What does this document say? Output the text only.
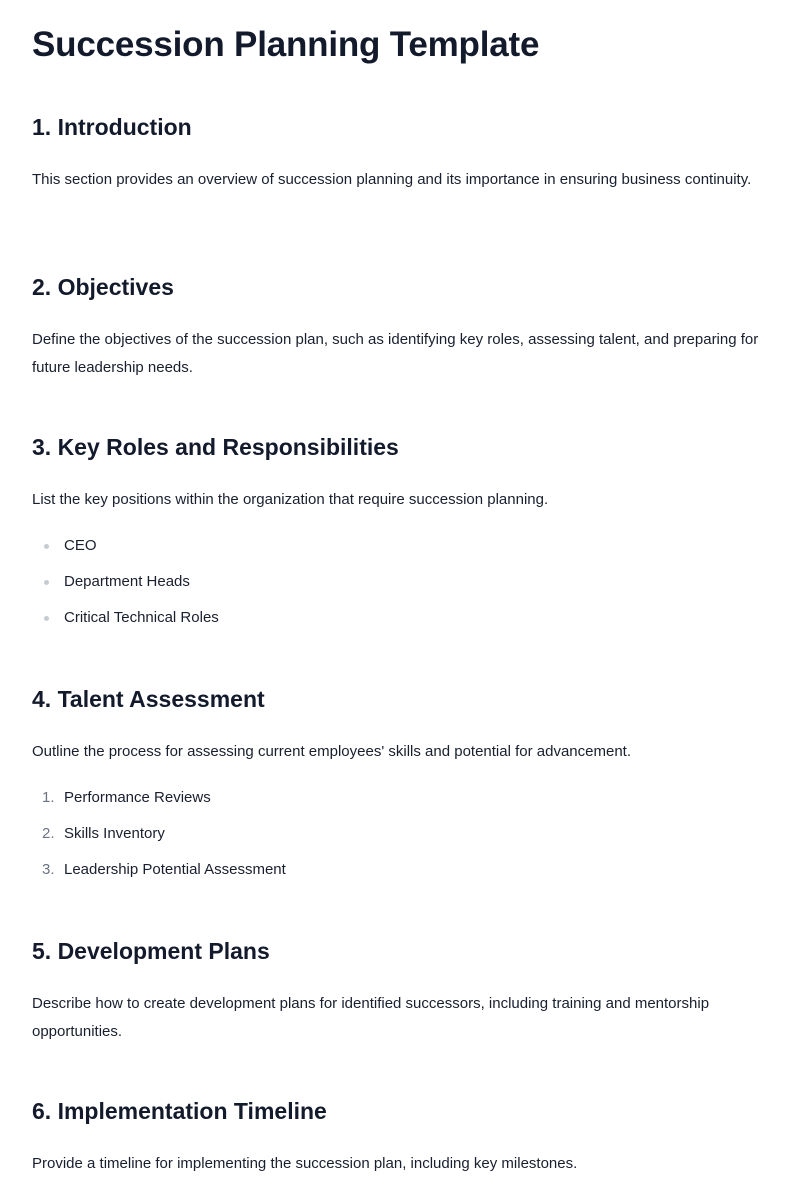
Succession Planning Template
1. Introduction

This section provides an overview of succession planning and its importance in ensuring business continuity.

2. Objectives

Define the objectives of the succession plan, such as identifying key roles, assessing talent, and preparing for future leadership needs.

3. Key Roles and Responsibilities

List the key positions within the organization that require succession planning.

CEO
Department Heads
Critical Technical Roles
4. Talent Assessment

Outline the process for assessing current employees' skills and potential for advancement.

1. Performance Reviews
2. Skills Inventory
3. Leadership Potential Assessment
5. Development Plans

Describe how to create development plans for identified successors, including training and mentorship opportunities.

6. Implementation Timeline

Provide a timeline for implementing the succession plan, including key milestones.
